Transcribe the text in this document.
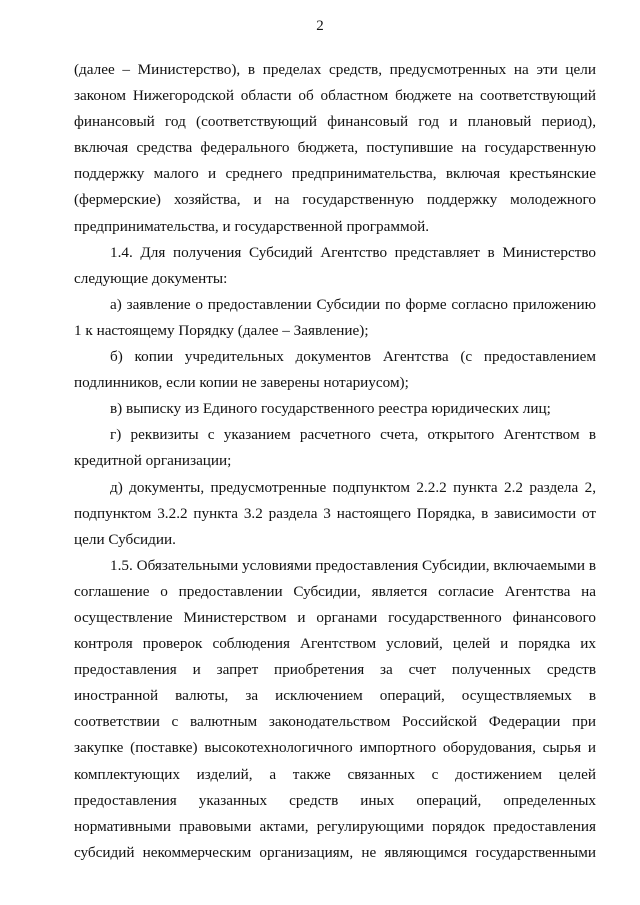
2

(далее – Министерство), в пределах средств, предусмотренных на эти цели законом Нижегородской области об областном бюджете на соответствующий финансовый год (соответствующий финансовый год и плановый период), включая средства федерального бюджета, поступившие на государственную поддержку малого и среднего предпринимательства, включая крестьянские (фермерские) хозяйства, и на государственную поддержку молодежного предпринимательства, и государственной программой.

1.4. Для получения Субсидий Агентство представляет в Министерство следующие документы:

а) заявление о предоставлении Субсидии по форме согласно приложению 1 к настоящему Порядку (далее – Заявление);

б) копии учредительных документов Агентства (с предоставлением подлинников, если копии не заверены нотариусом);

в) выписку из Единого государственного реестра юридических лиц;

г) реквизиты с указанием расчетного счета, открытого Агентством в кредитной организации;

д) документы, предусмотренные подпунктом 2.2.2 пункта 2.2 раздела 2, подпунктом 3.2.2 пункта 3.2 раздела 3 настоящего Порядка, в зависимости от цели Субсидии.

1.5. Обязательными условиями предоставления Субсидии, включаемыми в соглашение о предоставлении Субсидии, является согласие Агентства на осуществление Министерством и органами государственного финансового контроля проверок соблюдения Агентством условий, целей и порядка их предоставления и запрет приобретения за счет полученных средств иностранной валюты, за исключением операций, осуществляемых в соответствии с валютным законодательством Российской Федерации при закупке (поставке) высокотехнологичного импортного оборудования, сырья и комплектующих изделий, а также связанных с достижением целей предоставления указанных средств иных операций, определенных нормативными правовыми актами, регулирующими порядок предоставления субсидий некоммерческим организациям, не являющимся государственными
